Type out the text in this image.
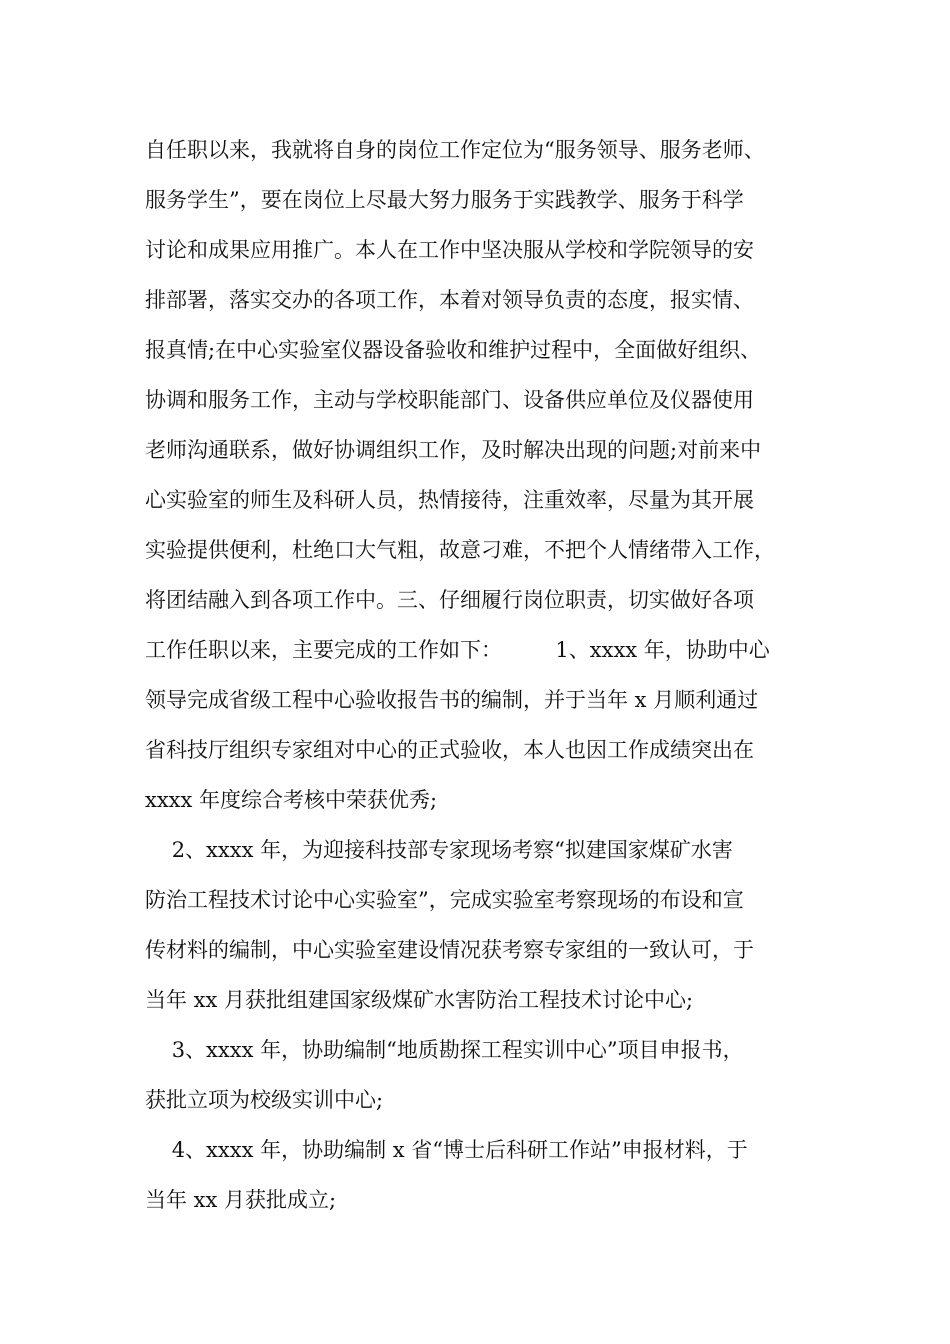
自任职以来，我就将自身的岗位工作定位为“服务领导、服务老师、
服务学生”，要在岗位上尽最大努力服务于实践教学、服务于科学
讨论和成果应用推广。本人在工作中坚决服从学校和学院领导的安
排部署，落实交办的各项工作，本着对领导负责的态度，报实情、
报真情;在中心实验室仪器设备验收和维护过程中，全面做好组织、
协调和服务工作，主动与学校职能部门、设备供应单位及仪器使用
老师沟通联系，做好协调组织工作，及时解决出现的问题;对前来中
心实验室的师生及科研人员，热情接待，注重效率，尽量为其开展
实验提供便利，杜绝口大气粗，故意刁难，不把个人情绪带入工作，
将团结融入到各项工作中。三、仔细履行岗位职责，切实做好各项
工作任职以来，主要完成的工作如下：        1、xxxx 年，协助中心
领导完成省级工程中心验收报告书的编制，并于当年 x 月顺利通过
省科技厅组织专家组对中心的正式验收，本人也因工作成绩突出在
xxxx 年度综合考核中荣获优秀;
2、xxxx 年，为迎接科技部专家现场考察“拟建国家煤矿水害
防治工程技术讨论中心实验室”，完成实验室考察现场的布设和宣
传材料的编制，中心实验室建设情况获考察专家组的一致认可，于
当年 xx 月获批组建国家级煤矿水害防治工程技术讨论中心;
3、xxxx 年，协助编制“地质勘探工程实训中心”项目申报书，
获批立项为校级实训中心;
4、xxxx 年，协助编制 x 省“博士后科研工作站”申报材料，于
当年 xx 月获批成立;
